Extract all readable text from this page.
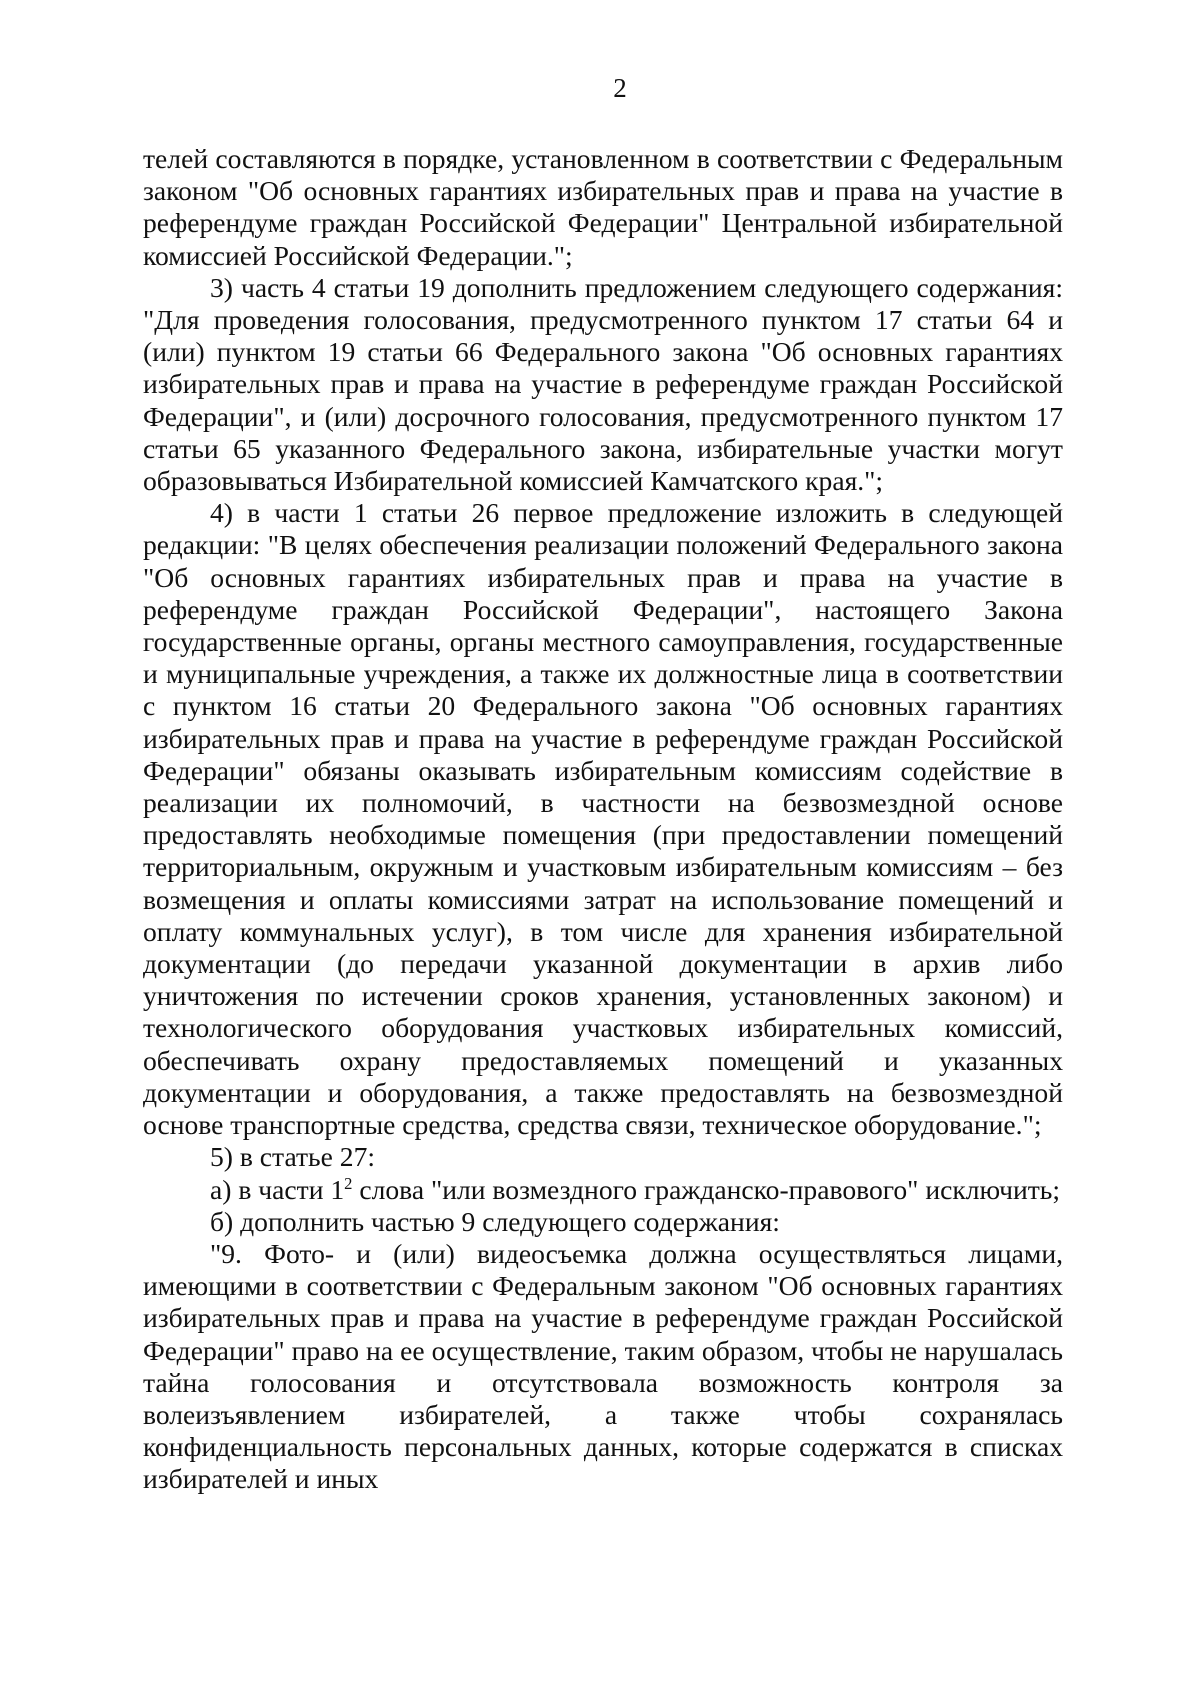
2

телей составляются в порядке, установленном в соответствии с Федеральным законом "Об основных гарантиях избирательных прав и права на участие в референдуме граждан Российской Федерации" Центральной избирательной комиссией Российской Федерации.";

3) часть 4 статьи 19 дополнить предложением следующего содержания: "Для проведения голосования, предусмотренного пунктом 17 статьи 64 и (или) пунктом 19 статьи 66 Федерального закона "Об основных гарантиях избирательных прав и права на участие в референдуме граждан Российской Федерации", и (или) досрочного голосования, предусмотренного пунктом 17 статьи 65 указанного Федерального закона, избирательные участки могут образовываться Избирательной комиссией Камчатского края.";

4) в части 1 статьи 26 первое предложение изложить в следующей редакции: "В целях обеспечения реализации положений Федерального закона "Об основных гарантиях избирательных прав и права на участие в референдуме граждан Российской Федерации", настоящего Закона государственные органы, органы местного самоуправления, государственные и муниципальные учреждения, а также их должностные лица в соответствии с пунктом 16 статьи 20 Федерального закона "Об основных гарантиях избирательных прав и права на участие в референдуме граждан Российской Федерации" обязаны оказывать избирательным комиссиям содействие в реализации их полномочий, в частности на безвозмездной основе предоставлять необходимые помещения (при предоставлении помещений территориальным, окружным и участковым избирательным комиссиям – без возмещения и оплаты комиссиями затрат на использование помещений и оплату коммунальных услуг), в том числе для хранения избирательной документации (до передачи указанной документации в архив либо уничтожения по истечении сроков хранения, установленных законом) и технологического оборудования участковых избирательных комиссий, обеспечивать охрану предоставляемых помещений и указанных документации и оборудования, а также предоставлять на безвозмездной основе транспортные средства, средства связи, техническое оборудование.";

5) в статье 27:

а) в части $1^2$ слова "или возмездного гражданско-правового" исключить;

б) дополнить частью 9 следующего содержания:

"9. Фото- и (или) видеосъемка должна осуществляться лицами, имеющими в соответствии с Федеральным законом "Об основных гарантиях избирательных прав и права на участие в референдуме граждан Российской Федерации" право на ее осуществление, таким образом, чтобы не нарушалась тайна голосования и отсутствовала возможность контроля за волеизъявлением избирателей, а также чтобы сохранялась конфиденциальность персональных данных, которые содержатся в списках избирателей и иных
